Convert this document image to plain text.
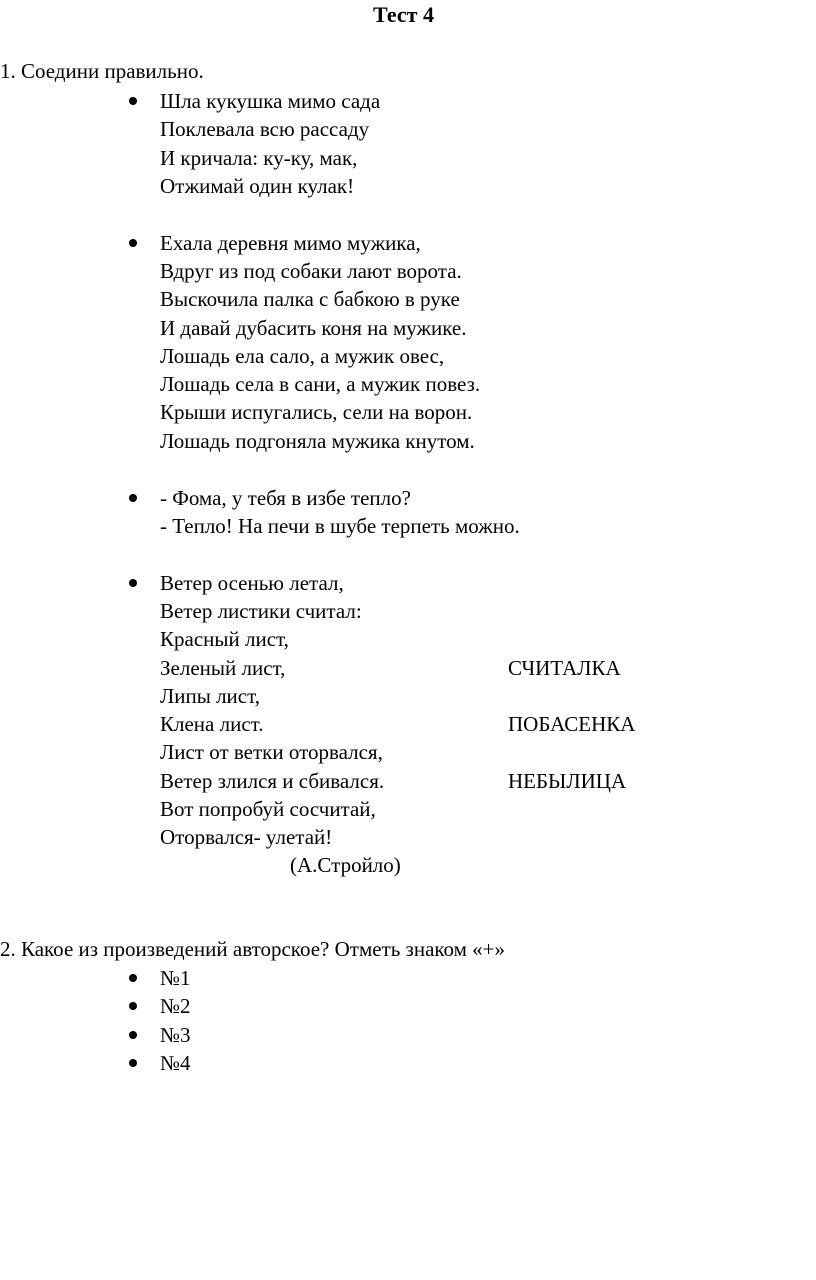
Тест 4
1. Соедини правильно.
Шла кукушка мимо сада
Поклевала всю рассаду
И кричала: ку-ку, мак,
Отжимай один кулак!
Ехала деревня мимо мужика,
Вдруг из под собаки лают ворота.
Выскочила палка с бабкою в руке
И давай дубасить коня на мужике.
Лошадь ела сало, а мужик овес,
Лошадь села в сани, а мужик повез.
Крыши испугались, сели на ворон.
Лошадь подгоняла мужика кнутом.
- Фома, у тебя в избе тепло?
- Тепло! На печи в шубе терпеть можно.
Ветер осенью летал,
Ветер листики считал:
Красный лист,
Зеленый лист,
Липы лист,
Клена лист.
Лист от ветки оторвался,
Ветер злился и сбивался.
Вот попробуй сосчитай,
Оторвался- улетай!
(А.Стройло)
СЧИТАЛКА
ПОБАСЕНКА
НЕБЫЛИЦА
2. Какое из произведений авторское? Отметь знаком «+»
№1
№2
№3
№4
